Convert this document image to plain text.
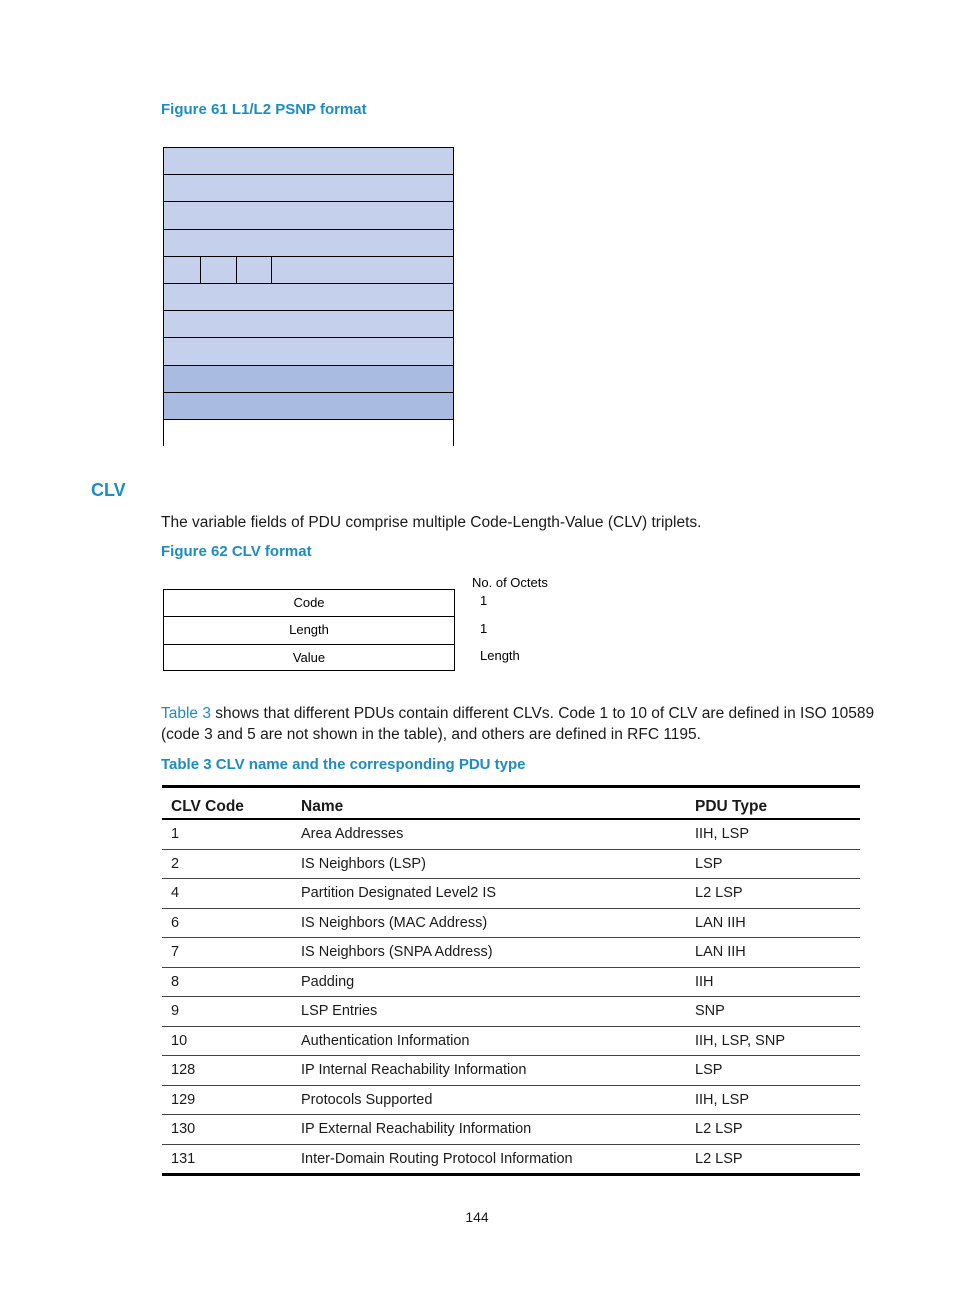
Figure 61 L1/L2 PSNP format
CLV
The variable fields of PDU comprise multiple Code-Length-Value (CLV) triplets.
Figure 62 CLV format
No. of Octets
Code
Length
Value
1
1
Length
Table 3 shows that different PDUs contain different CLVs. Code 1 to 10 of CLV are defined in ISO 10589
(code 3 and 5 are not shown in the table), and others are defined in RFC 1195.
Table 3 CLV name and the corresponding PDU type
CLV Code	Name	PDU Type
1	Area Addresses	IIH, LSP
2	IS Neighbors (LSP)	LSP
4	Partition Designated Level2 IS	L2 LSP
6	IS Neighbors (MAC Address)	LAN IIH
7	IS Neighbors (SNPA Address)	LAN IIH
8	Padding	IIH
9	LSP Entries	SNP
10	Authentication Information	IIH, LSP, SNP
128	IP Internal Reachability Information	LSP
129	Protocols Supported	IIH, LSP
130	IP External Reachability Information	L2 LSP
131	Inter-Domain Routing Protocol Information	L2 LSP
144
